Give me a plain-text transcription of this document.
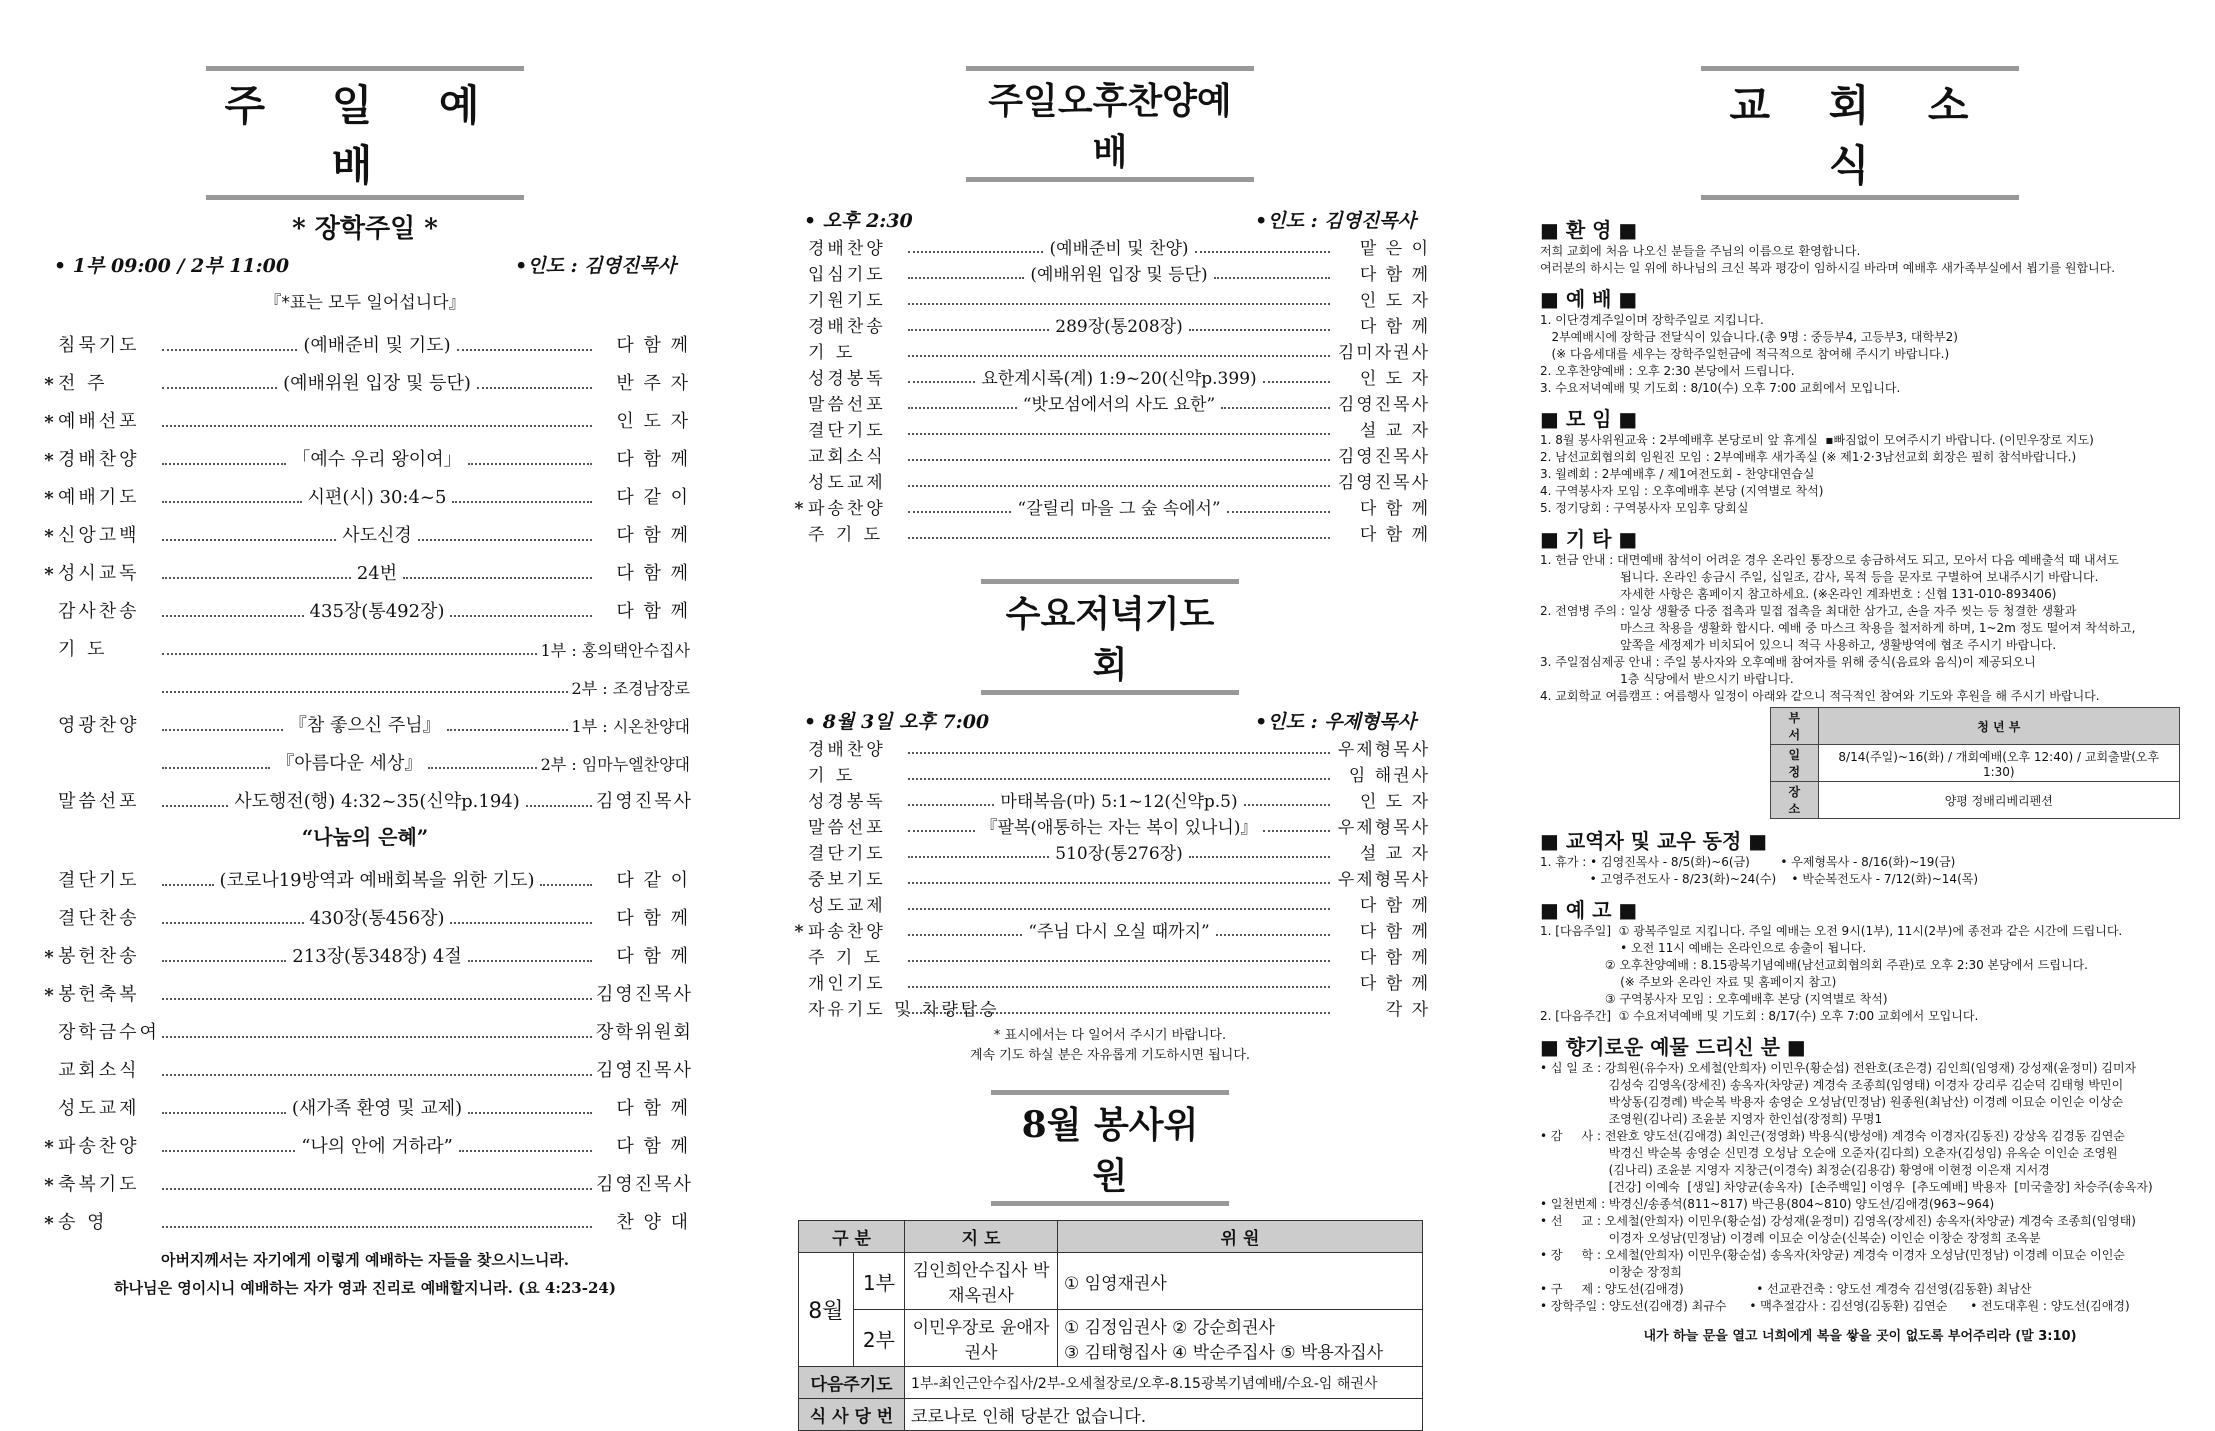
주 일 예 배
* 장학주일 *
• 1부 09:00 / 2부 11:00	•인도 : 김영진목사
『*표는 모두 일어섭니다』
침묵기도	(예배준비 및 기도)	다 함 께
* 전 주	(예배위원 입장 및 등단)	반 주 자
* 예배선포	인 도 자
* 경배찬양	「예수 우리 왕이여」	다 함 께
* 예배기도	시편(시) 30:4~5	다 같 이
* 신앙고백	사도신경	다 함 께
* 성시교독	24번	다 함 께
감사찬송	435장(통492장)	다 함 께
기 도	1부 : 홍의택안수집사
2부 : 조경남장로
영광찬양	『참 좋으신 주님』	1부 : 시온찬양대
『아름다운 세상』	2부 : 임마누엘찬양대
말씀선포	사도행전(행) 4:32~35(신약p.194)	김영진목사
“나눔의 은혜”
결단기도	(코로나19방역과 예배회복을 위한 기도)	다 같 이
결단찬송	430장(통456장)	다 함 께
* 봉헌찬송	213장(통348장) 4절	다 함 께
* 봉헌축복	김영진목사
장학금수여	장학위원회
교회소식	김영진목사
성도교제	(새가족 환영 및 교제)	다 함 께
* 파송찬양	“나의 안에 거하라”	다 함 께
* 축복기도	김영진목사
* 송 영	찬 양 대
아버지께서는 자기에게 이렇게 예배하는 자들을 찾으시느니라.
하나님은 영이시니 예배하는 자가 영과 진리로 예배할지니라. (요 4:23-24)
주일오후찬양예배
• 오후 2:30	•인도 : 김영진목사
경배찬양	(예배준비 및 찬양)	맡 은 이
입심기도	(예배위원 입장 및 등단)	다 함 께
기원기도	인 도 자
경배찬송	289장(통208장)	다 함 께
기 도	김미자권사
성경봉독	요한계시록(계) 1:9~20(신약p.399)	인 도 자
말씀선포	“밧모섬에서의 사도 요한”	김영진목사
결단기도	설 교 자
교회소식	김영진목사
성도교제	김영진목사
* 파송찬양	“갈릴리 마을 그 숲 속에서”	다 함 께
주 기 도	다 함 께
수요저녁기도회
• 8월 3일 오후 7:00	•인도 : 우제형목사
경배찬양	우제형목사
기 도	임 해권사
성경봉독	마태복음(마) 5:1~12(신약p.5)	인 도 자
말씀선포	『팔복(애통하는 자는 복이 있나니)』	우제형목사
결단기도	510장(통276장)	설 교 자
중보기도	우제형목사
성도교제	다 함 께
* 파송찬양	“주님 다시 오실 때까지”	다 함 께
주 기 도	다 함 께
개인기도	다 함 께
자유기도 및 차량탑승	각 자
* 표시에서는 다 일어서 주시기 바랍니다.
계속 기도 하실 분은 자유롭게 기도하시면 됩니다.
8월 봉사위원
구 분		지 도	위 원
8월	1부	김인희안수집사 박재옥권사	① 임영재권사
	2부	이민우장로 윤애자권사	① 김정임권사 ② 강순희권사
③ 김태형집사 ④ 박순주집사 ⑤ 박용자집사

다음주기도		1부-최인근안수집사/2부-오세철장로/오후-8.15광복기념예배/수요-임 해권사	
식 사 당 번		코로나로 인해 당분간 없습니다.	
교 회 소 식
■ 환 영 ■
저희 교회에 처음 나오신 분들을 주님의 이름으로 환영합니다.
여러분의 하시는 일 위에 하나님의 크신 복과 평강이 임하시길 바라며 예배후 새가족부실에서 뵙기를 원합니다.
■ 예 배 ■
1. 이단경계주일이며 장학주일로 지킵니다.
2부예배시에 장학금 전달식이 있습니다.(총 9명 : 중등부4, 고등부3, 대학부2)
(※ 다음세대를 세우는 장학주일헌금에 적극적으로 참여해 주시기 바랍니다.)
2. 오후찬양예배 : 오후 2:30 본당에서 드립니다.
3. 수요저녁예배 및 기도회 : 8/10(수) 오후 7:00 교회에서 모입니다.
■ 모 임 ■
1. 8월 봉사위원교육 : 2부예배후 본당로비 앞 휴게실  ▪빠짐없이 모여주시기 바랍니다. (이민우장로 지도)
2. 남선교회협의회 임원진 모임 : 2부예배후 새가족실 (※ 제1·2·3남선교회 회장은 필히 참석바랍니다.)
3. 월례회 : 2부예배후 / 제1여전도회 - 찬양대연습실
4. 구역봉사자 모임 : 오후예배후 본당 (지역별로 착석)
5. 정기당회 : 구역봉사자 모임후 당회실
■ 기 타 ■
1. 헌금 안내 : 대면예배 참석이 어려운 경우 온라인 통장으로 송금하셔도 되고, 모아서 다음 예배출석 때 내셔도
됩니다. 온라인 송금시 주일, 십일조, 감사, 목적 등을 문자로 구별하여 보내주시기 바랍니다.
자세한 사항은 홈페이지 참고하세요. (※온라인 계좌번호 : 신협 131-010-893406)
2. 전염병 주의 : 일상 생활중 다중 접촉과 밀접 접촉을 최대한 삼가고, 손을 자주 씻는 등 청결한 생활과
마스크 착용을 생활화 합시다. 예배 중 마스크 착용을 철저하게 하며, 1~2m 정도 떨어져 착석하고,
앞쪽을 세정제가 비치되어 있으니 적극 사용하고, 생활방역에 협조 주시기 바랍니다.
3. 주일점심제공 안내 : 주일 봉사자와 오후예배 참여자를 위해 중식(음료와 음식)이 제공되오니
1층 식당에서 받으시기 바랍니다.
4. 교회학교 여름캠프 : 여름행사 일정이 아래와 같으니 적극적인 참여와 기도와 후원을 해 주시기 바랍니다.
부 서	청 년 부
일 정	8/14(주일)~16(화) / 개회예배(오후 12:40) / 교회출발(오후 1:30)
장 소	양평 정배리베리펜션
■ 교역자 및 교우 동정 ■
1. 휴가 : • 김영진목사 - 8/5(화)~6(금)        • 우제형목사 - 8/16(화)~19(금)
• 고영주전도사 - 8/23(화)~24(수)    • 박순복전도사 - 7/12(화)~14(목)
■ 예 고 ■
1. [다음주일]  ① 광복주일로 지킵니다. 주일 예배는 오전 9시(1부), 11시(2부)에 종전과 같은 시간에 드립니다.
• 오전 11시 예배는 온라인으로 송출이 됩니다.
② 오후찬양예배 : 8.15광복기념예배(남선교회협의회 주관)로 오후 2:30 본당에서 드립니다.
(※ 주보와 온라인 자료 및 홈페이지 참고)
③ 구역봉사자 모임 : 오후예배후 본당 (지역별로 착석)
2. [다음주간]  ① 수요저녁예배 및 기도회 : 8/17(수) 오후 7:00 교회에서 모입니다.
■ 향기로운 예물 드리신 분 ■
• 십 일 조 : 강희원(유수자) 오세철(안희자) 이민우(황순섭) 전완호(조은경) 김인희(임영재) 강성재(윤정미) 김미자
김성숙 김영옥(장세진) 송옥자(차양균) 계경숙 조종희(임영태) 이경자 강리루 김순덕 김태형 박민이
박상동(김경례) 박순복 박용자 송영순 오성남(민정남) 원종원(최남산) 이경례 이묘순 이인순 이상순
조영원(김나리) 조윤분 지영자 한인섭(장정희) 무명1
• 감     사 : 전완호 양도선(김애경) 최인근(정영화) 박용식(방성애) 계경숙 이경자(김동진) 강상옥 김경동 김연순
박경신 박순복 송영순 신민경 오성남 오순애 오준자(김다희) 오춘자(김성임) 유옥순 이인순 조영원
(김나리) 조윤분 지영자 지창근(이경숙) 최정순(김용감) 황영애 이현정 이은재 지서경
[건강] 이예숙  [생일] 차양균(송옥자)  [손주백일] 이영우  [추도예배] 박용자  [미국출장] 차승주(송옥자)
• 일천번제 : 박경신/송종석(811~817) 박근용(804~810) 양도선/김애경(963~964)
• 선     교 : 오세철(안희자) 이민우(황순섭) 강성재(윤정미) 김영옥(장세진) 송옥자(차양균) 계경숙 조종희(임영태)
이경자 오성남(민정남) 이경례 이묘순 이상순(신복순) 이인순 이창순 장정희 조옥분
• 장     학 : 오세철(안희자) 이민우(황순섭) 송옥자(차양균) 계경숙 이경자 오성남(민정남) 이경례 이묘순 이인순
이창순 장정희
• 구     제 : 양도선(김애경)                   • 선교관건축 : 양도선 계경숙 김선영(김동환) 최남산
• 장학주일 : 양도선(김애경) 최규수      • 맥추절감사 : 김선영(김동환) 김연순      • 전도대후원 : 양도선(김애경)
내가 하늘 문을 열고 너희에게 복을 쌓을 곳이 없도록 부어주리라 (말 3:10)
